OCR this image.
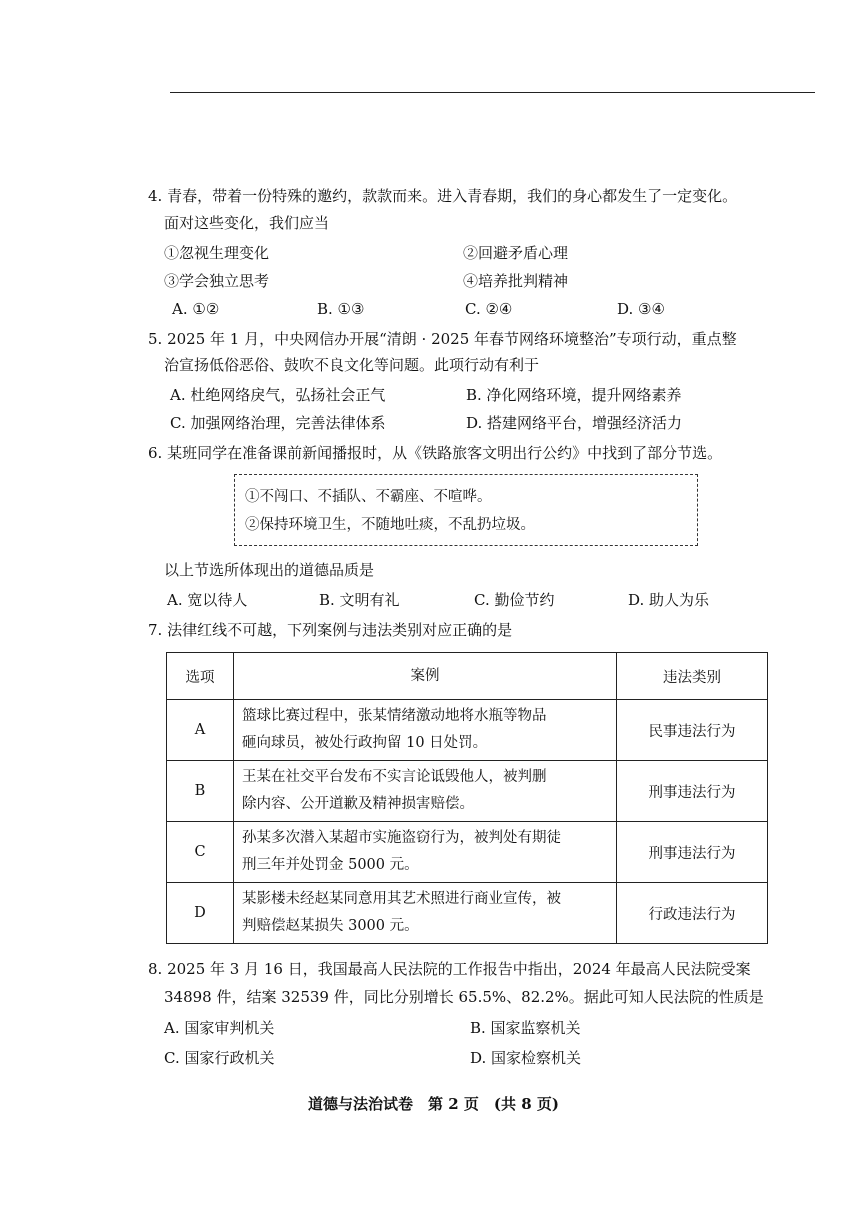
4. 青春，带着一份特殊的邀约，款款而来。进入青春期，我们的身心都发生了一定变化。
面对这些变化，我们应当
①忽视生理变化	②回避矛盾心理
③学会独立思考	④培养批判精神
A. ①②	B. ①③	C. ②④	D. ③④
5. 2025 年 1 月，中央网信办开展“清朗 · 2025 年春节网络环境整治”专项行动，重点整
治宣扬低俗恶俗、鼓吹不良文化等问题。此项行动有利于
A. 杜绝网络戾气，弘扬社会正气	B. 净化网络环境，提升网络素养
C. 加强网络治理，完善法律体系	D. 搭建网络平台，增强经济活力
6. 某班同学在准备课前新闻播报时，从《铁路旅客文明出行公约》中找到了部分节选。
①不闯口、不插队、不霸座、不喧哗。
②保持环境卫生，不随地吐痰，不乱扔垃圾。
以上节选所体现出的道德品质是
A. 宽以待人	B. 文明有礼	C. 勤俭节约	D. 助人为乐
7. 法律红线不可越，下列案例与违法类别对应正确的是
选项	案例	违法类别
A	篮球比赛过程中，张某情绪激动地将水瓶等物品
砸向球员，被处行政拘留 10 日处罚。	民事违法行为
B	王某在社交平台发布不实言论诋毁他人，被判删
除内容、公开道歉及精神损害赔偿。	刑事违法行为
C	孙某多次潜入某超市实施盗窃行为，被判处有期徒
刑三年并处罚金 5000 元。	刑事违法行为
D	某影楼未经赵某同意用其艺术照进行商业宣传，被
判赔偿赵某损失 3000 元。	行政违法行为
8. 2025 年 3 月 16 日，我国最高人民法院的工作报告中指出，2024 年最高人民法院受案
34898 件，结案 32539 件，同比分别增长 65.5%、82.2%。据此可知人民法院的性质是
A. 国家审判机关	B. 国家监察机关
C. 国家行政机关	D. 国家检察机关
道德与法治试卷　第 2 页　(共 8 页)
